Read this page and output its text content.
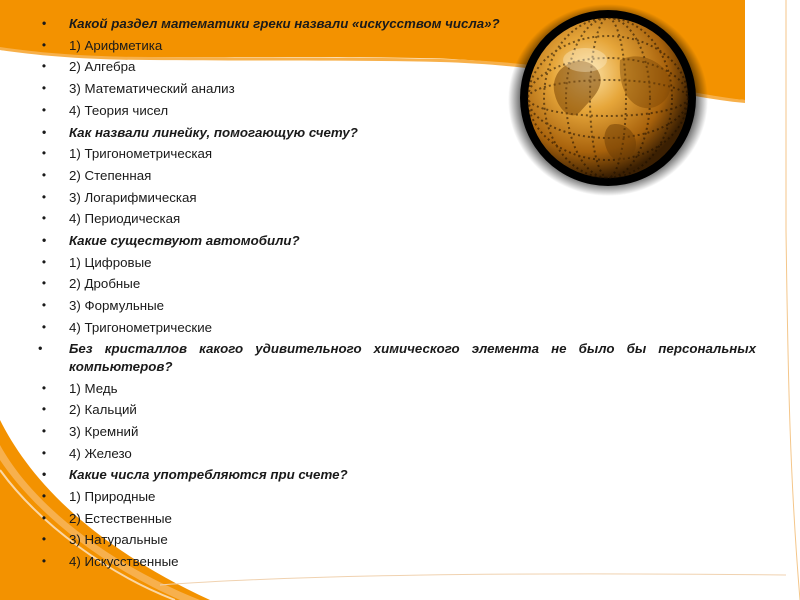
• Какой раздел математики греки назвали «искусством числа»?
• 1) Арифметика
• 2) Алгебра
• 3) Математический анализ
• 4) Теория чисел
• Как назвали линейку, помогающую счету?
• 1) Тригонометрическая
• 2) Степенная
• 3) Логарифмическая
• 4) Периодическая
• Какие существуют автомобили?
• 1) Цифровые
• 2) Дробные
• 3) Формульные
• 4) Тригонометрические
•	Без кристаллов какого удивительного химического элемента не было бы персональных компьютеров?
• 1) Медь
• 2) Кальций
• 3) Кремний
• 4) Железо
• Какие числа употребляются при счете?
• 1) Природные
• 2) Естественные
• 3) Натуральные
• 4) Искусственные
